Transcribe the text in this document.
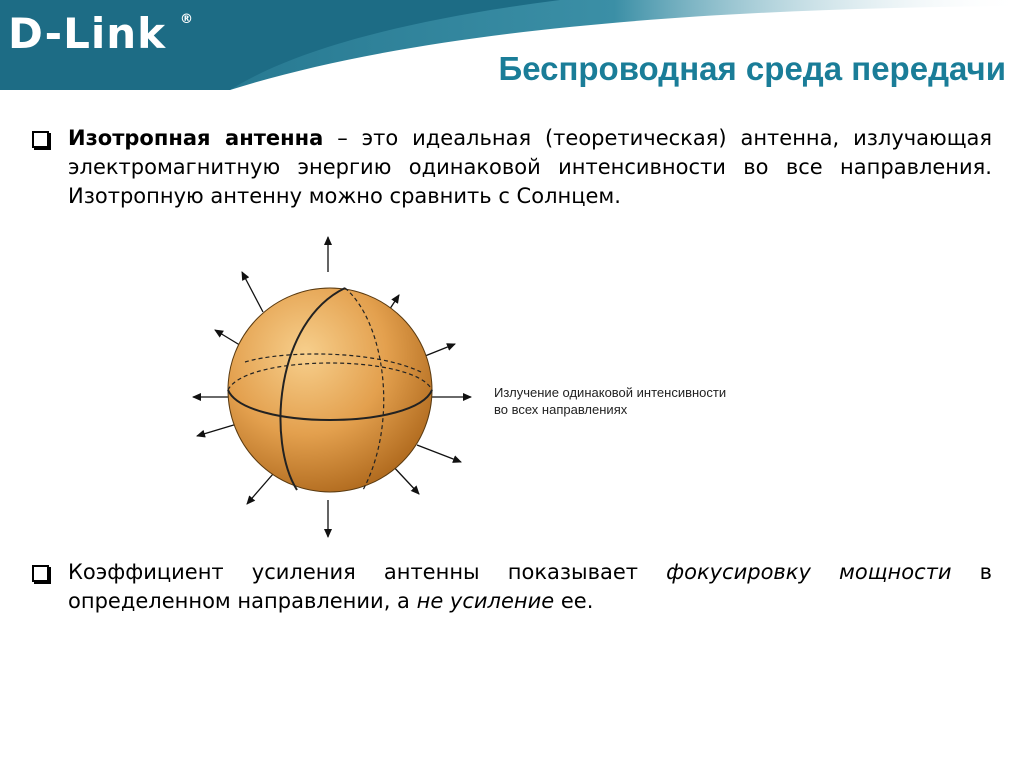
D-Link ®
Беспроводная среда передачи
Изотропная антенна – это идеальная (теоретическая) антенна, излучающая электромагнитную энергию одинаковой интенсивности во все направления. Изотропную антенну можно сравнить с Солнцем.
Излучение одинаковой интенсивности
во всех направлениях
Коэффициент усиления антенны показывает фокусировку мощности в определенном направлении, а не усиление ее.
